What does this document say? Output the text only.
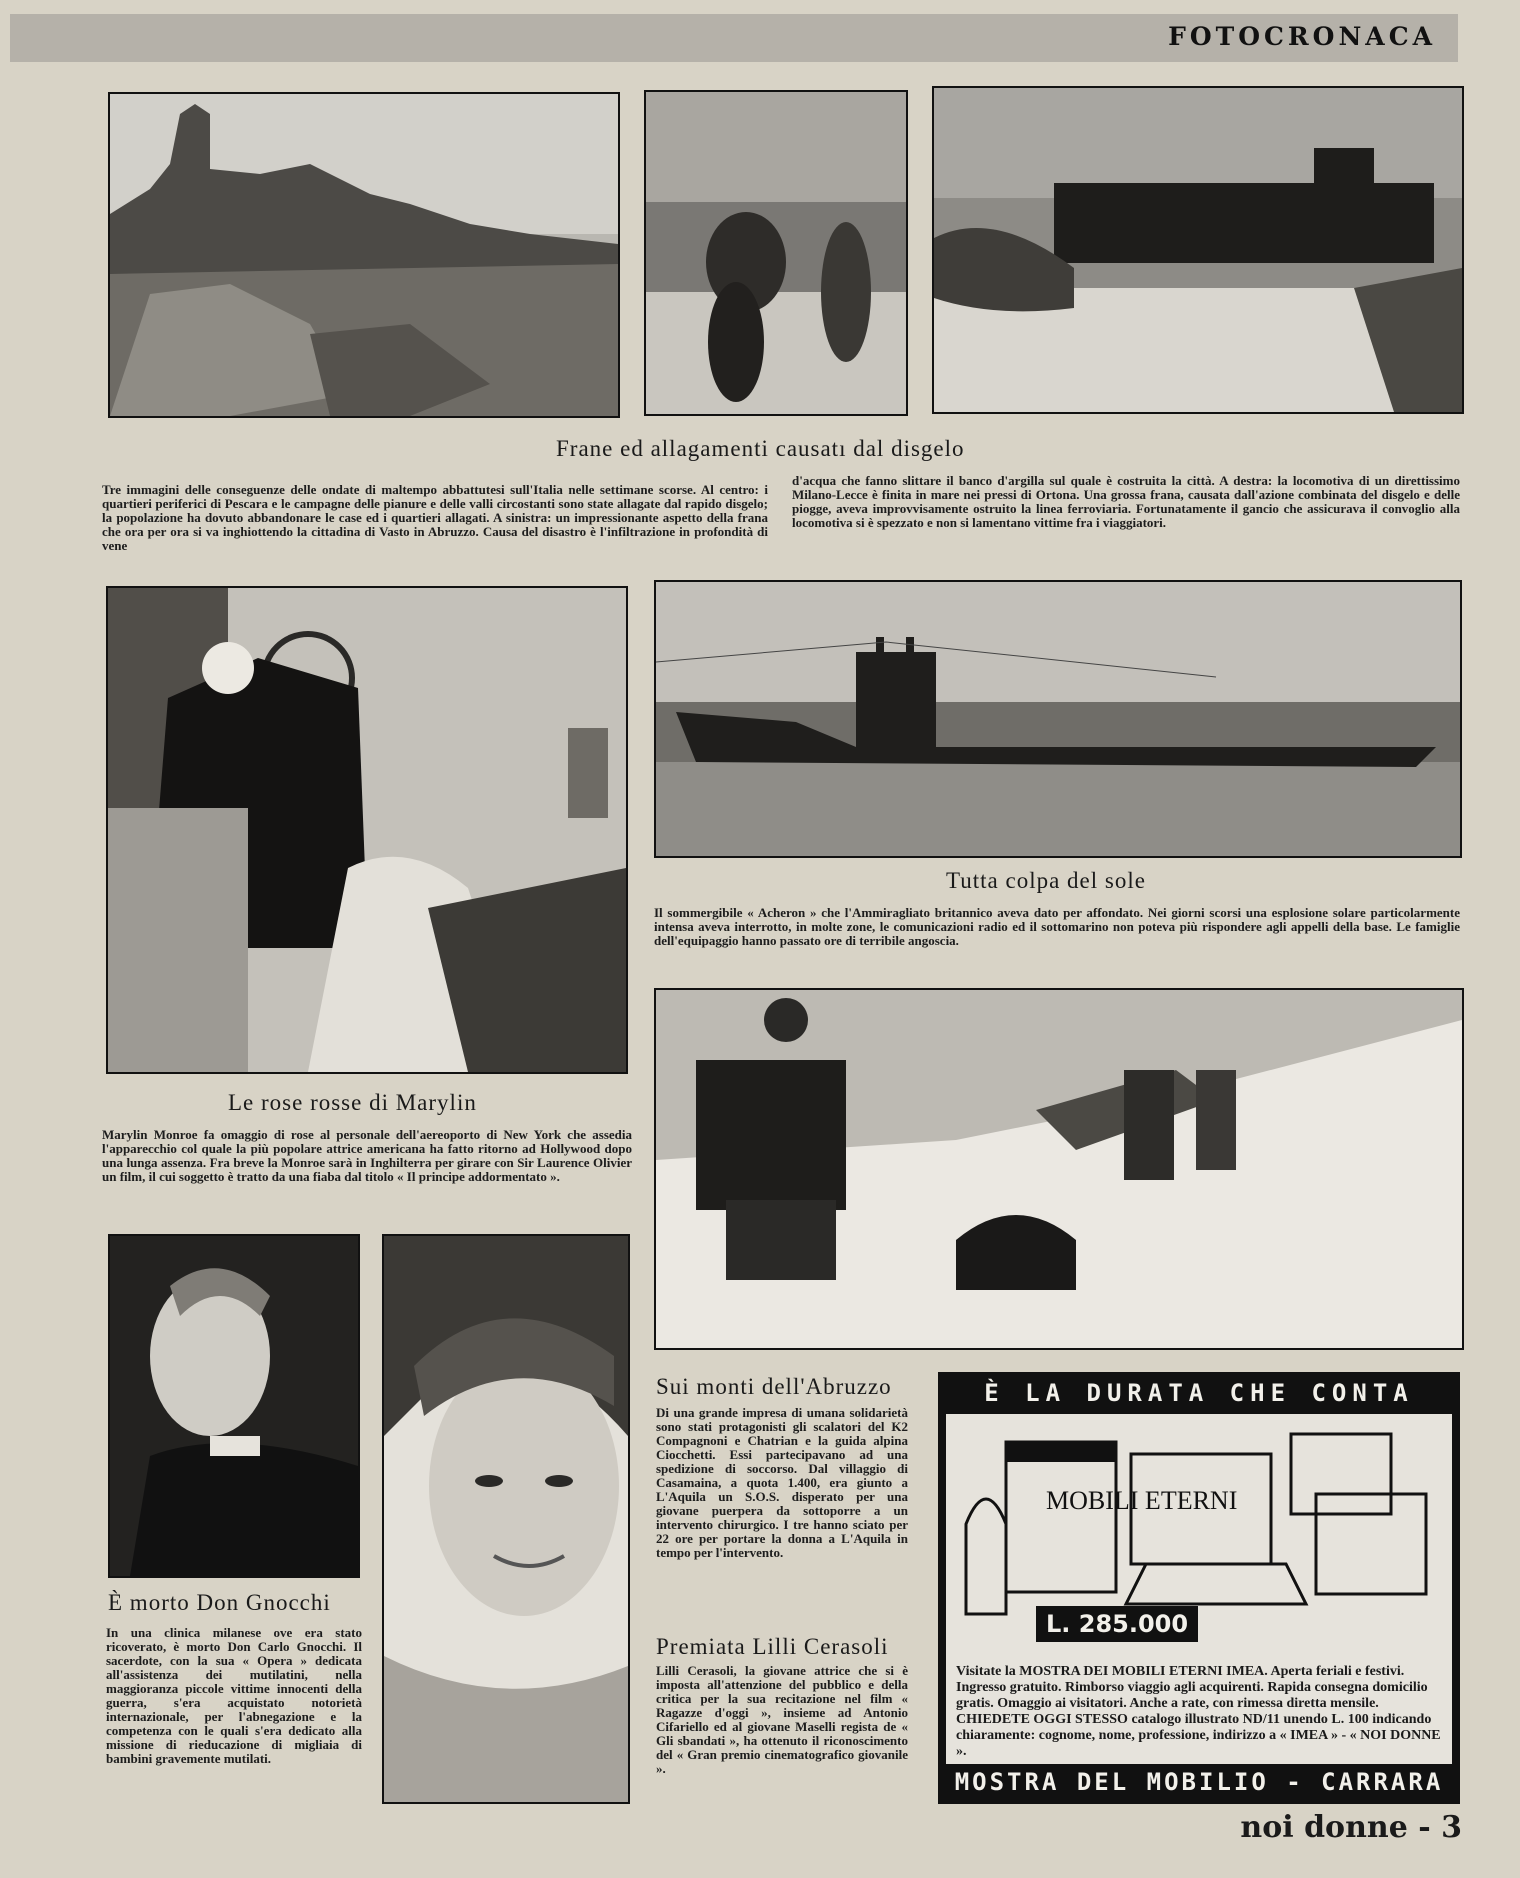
FOTOCRONACA
Frane ed allagamenti causatı dal disgelo

Tre immagini delle conseguenze delle ondate di maltempo abbattutesi sull'Italia nelle settimane scorse. Al centro: i quartieri periferici di Pescara e le campagne delle pianure e delle valli circostanti sono state allagate dal rapido disgelo; la popolazione ha dovuto abbandonare le case ed i quartieri allagati. A sinistra: un impressionante aspetto della frana che ora per ora si va inghiottendo la cittadina di Vasto in Abruzzo. Causa del disastro è l'infiltrazione in profondità di vene

d'acqua che fanno slittare il banco d'argilla sul quale è costruita la città. A destra: la locomotiva di un direttissimo Milano-Lecce è finita in mare nei pressi di Ortona. Una grossa frana, causata dall'azione combinata del disgelo e delle piogge, aveva improvvisamente ostruito la linea ferroviaria. Fortunatamente il gancio che assicurava il convoglio alla locomotiva si è spezzato e non si lamentano vittime fra i viaggiatori.

Le rose rosse di Marylin

Marylin Monroe fa omaggio di rose al personale dell'aereoporto di New York che assedia l'apparecchio col quale la più popolare attrice americana ha fatto ritorno ad Hollywood dopo una lunga assenza. Fra breve la Monroe sarà in Inghilterra per girare con Sir Laurence Olivier un film, il cui soggetto è tratto da una fiaba dal titolo « Il principe addormentato ».

Tutta colpa del sole

Il sommergibile « Acheron » che l'Ammiragliato britannico aveva dato per affondato. Nei giorni scorsi una esplosione solare particolarmente intensa aveva interrotto, in molte zone, le comunicazioni radio ed il sottomarino non poteva più rispondere agli appelli della base. Le famiglie dell'equipaggio hanno passato ore di terribile angoscia.

È morto Don Gnocchi

In una clinica milanese ove era stato ricoverato, è morto Don Carlo Gnocchi. Il sacerdote, con la sua « Opera » dedicata all'assistenza dei mutilatini, nella maggioranza piccole vittime innocenti della guerra, s'era acquistato notorietà internazionale, per l'abnegazione e la competenza con le quali s'era dedicato alla missione di rieducazione di migliaia di bambini gravemente mutilati.

Sui monti dell'Abruzzo

Di una grande impresa di umana solidarietà sono stati protagonisti gli scalatori del K2 Compagnoni e Chatrian e la guida alpina Ciocchetti. Essi partecipavano ad una spedizione di soccorso. Dal villaggio di Casamaina, a quota 1.400, era giunto a L'Aquila un S.O.S. disperato per una giovane puerpera da sottoporre a un intervento chirurgico. I tre hanno sciato per 22 ore per portare la donna a L'Aquila in tempo per l'intervento.

Premiata Lilli Cerasoli

Lilli Cerasoli, la giovane attrice che si è imposta all'attenzione del pubblico e della critica per la sua recitazione nel film « Ragazze d'oggi », insieme ad Antonio Cifariello ed al giovane Maselli regista de « Gli sbandati », ha ottenuto il riconoscimento del « Gran premio cinematografico giovanile ».

È LA DURATA CHE CONTA
MOBILI ETERNI
L. 285.000
Visitate la MOSTRA DEI MOBILI ETERNI IMEA. Aperta feriali e festivi. Ingresso gratuito. Rimborso viaggio agli acquirenti. Rapida consegna domicilio gratis. Omaggio ai visitatori. Anche a rate, con rimessa diretta mensile. CHIEDETE OGGI STESSO catalogo illustrato ND/11 unendo L. 100 indicando chiaramente: cognome, nome, professione, indirizzo a « IMEA » - « NOI DONNE ».
MOSTRA DEL MOBILIO - CARRARA
noi donne - 3
